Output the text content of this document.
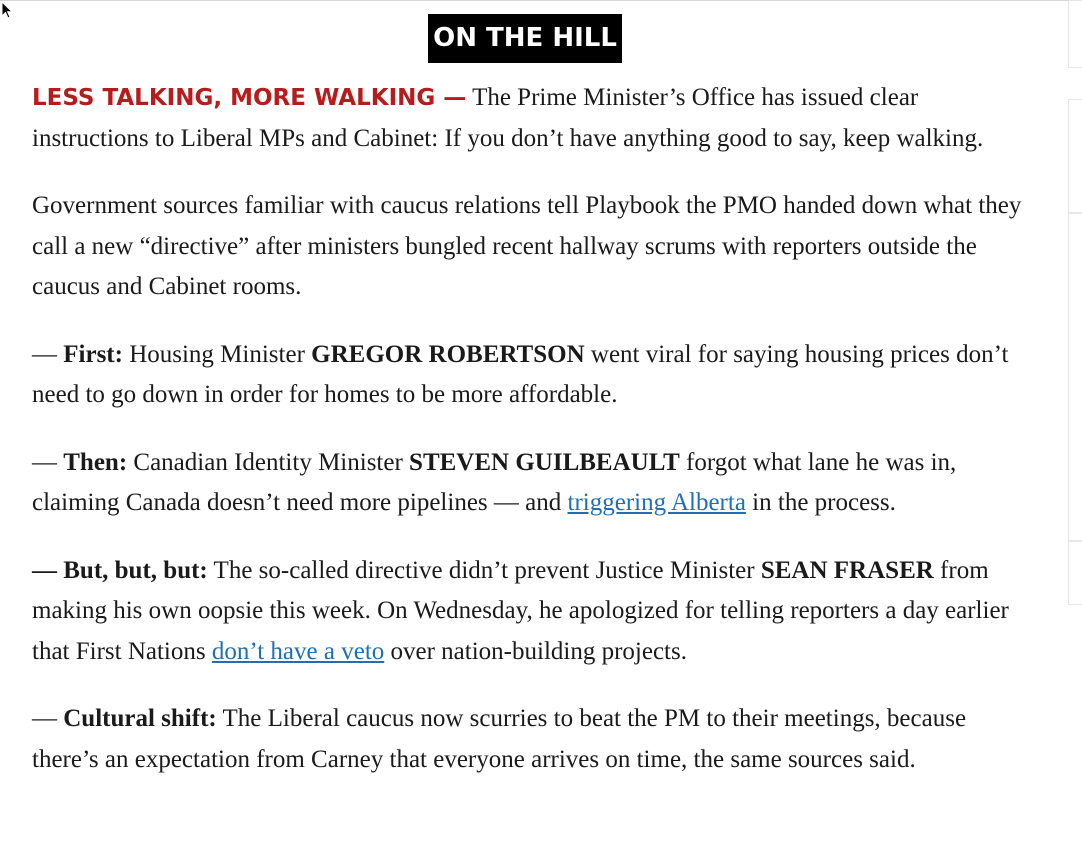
ON THE HILL

LESS TALKING, MORE WALKING — The Prime Minister’s Office has issued clear instructions to Liberal MPs and Cabinet: If you don’t have anything good to say, keep walking.

Government sources familiar with caucus relations tell Playbook the PMO handed down what they call a new “directive” after ministers bungled recent hallway scrums with reporters outside the caucus and Cabinet rooms.

— First: Housing Minister GREGOR ROBERTSON went viral for saying housing prices don’t need to go down in order for homes to be more affordable.

— Then: Canadian Identity Minister STEVEN GUILBEAULT forgot what lane he was in, claiming Canada doesn’t need more pipelines — and triggering Alberta in the process.

— But, but, but: The so-called directive didn’t prevent Justice Minister SEAN FRASER from making his own oopsie this week. On Wednesday, he apologized for telling reporters a day earlier that First Nations don’t have a veto over nation-building projects.

— Cultural shift: The Liberal caucus now scurries to beat the PM to their meetings, because there’s an expectation from Carney that everyone arrives on time, the same sources said.
